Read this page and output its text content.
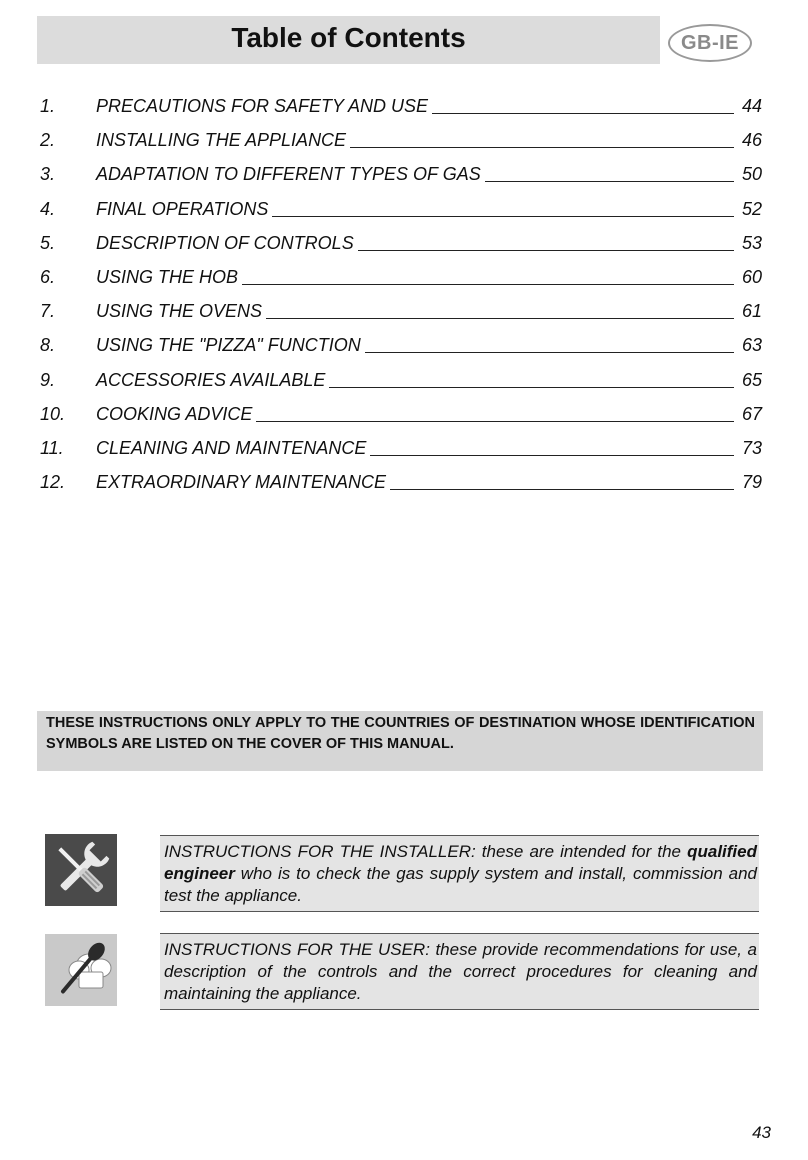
Table of Contents	GB-IE
1.	PRECAUTIONS FOR SAFETY AND USE	44
2.	INSTALLING THE APPLIANCE	46
3.	ADAPTATION TO DIFFERENT TYPES OF GAS	50
4.	FINAL OPERATIONS	52
5.	DESCRIPTION OF CONTROLS	53
6.	USING THE HOB	60
7.	USING THE OVENS	61
8.	USING THE "PIZZA" FUNCTION	63
9.	ACCESSORIES AVAILABLE	65
10.	COOKING ADVICE	67
11.	CLEANING AND MAINTENANCE	73
12.	EXTRAORDINARY MAINTENANCE	79
THESE INSTRUCTIONS ONLY APPLY TO THE COUNTRIES OF DESTINATION WHOSE IDENTIFICATION SYMBOLS ARE LISTED ON THE COVER OF THIS MANUAL.
INSTRUCTIONS FOR THE INSTALLER: these are intended for the qualified engineer who is to check the gas supply system and install, commission and test the appliance.
INSTRUCTIONS FOR THE USER: these provide recommendations for use, a description of the controls and the correct procedures for cleaning and maintaining the appliance.
43
